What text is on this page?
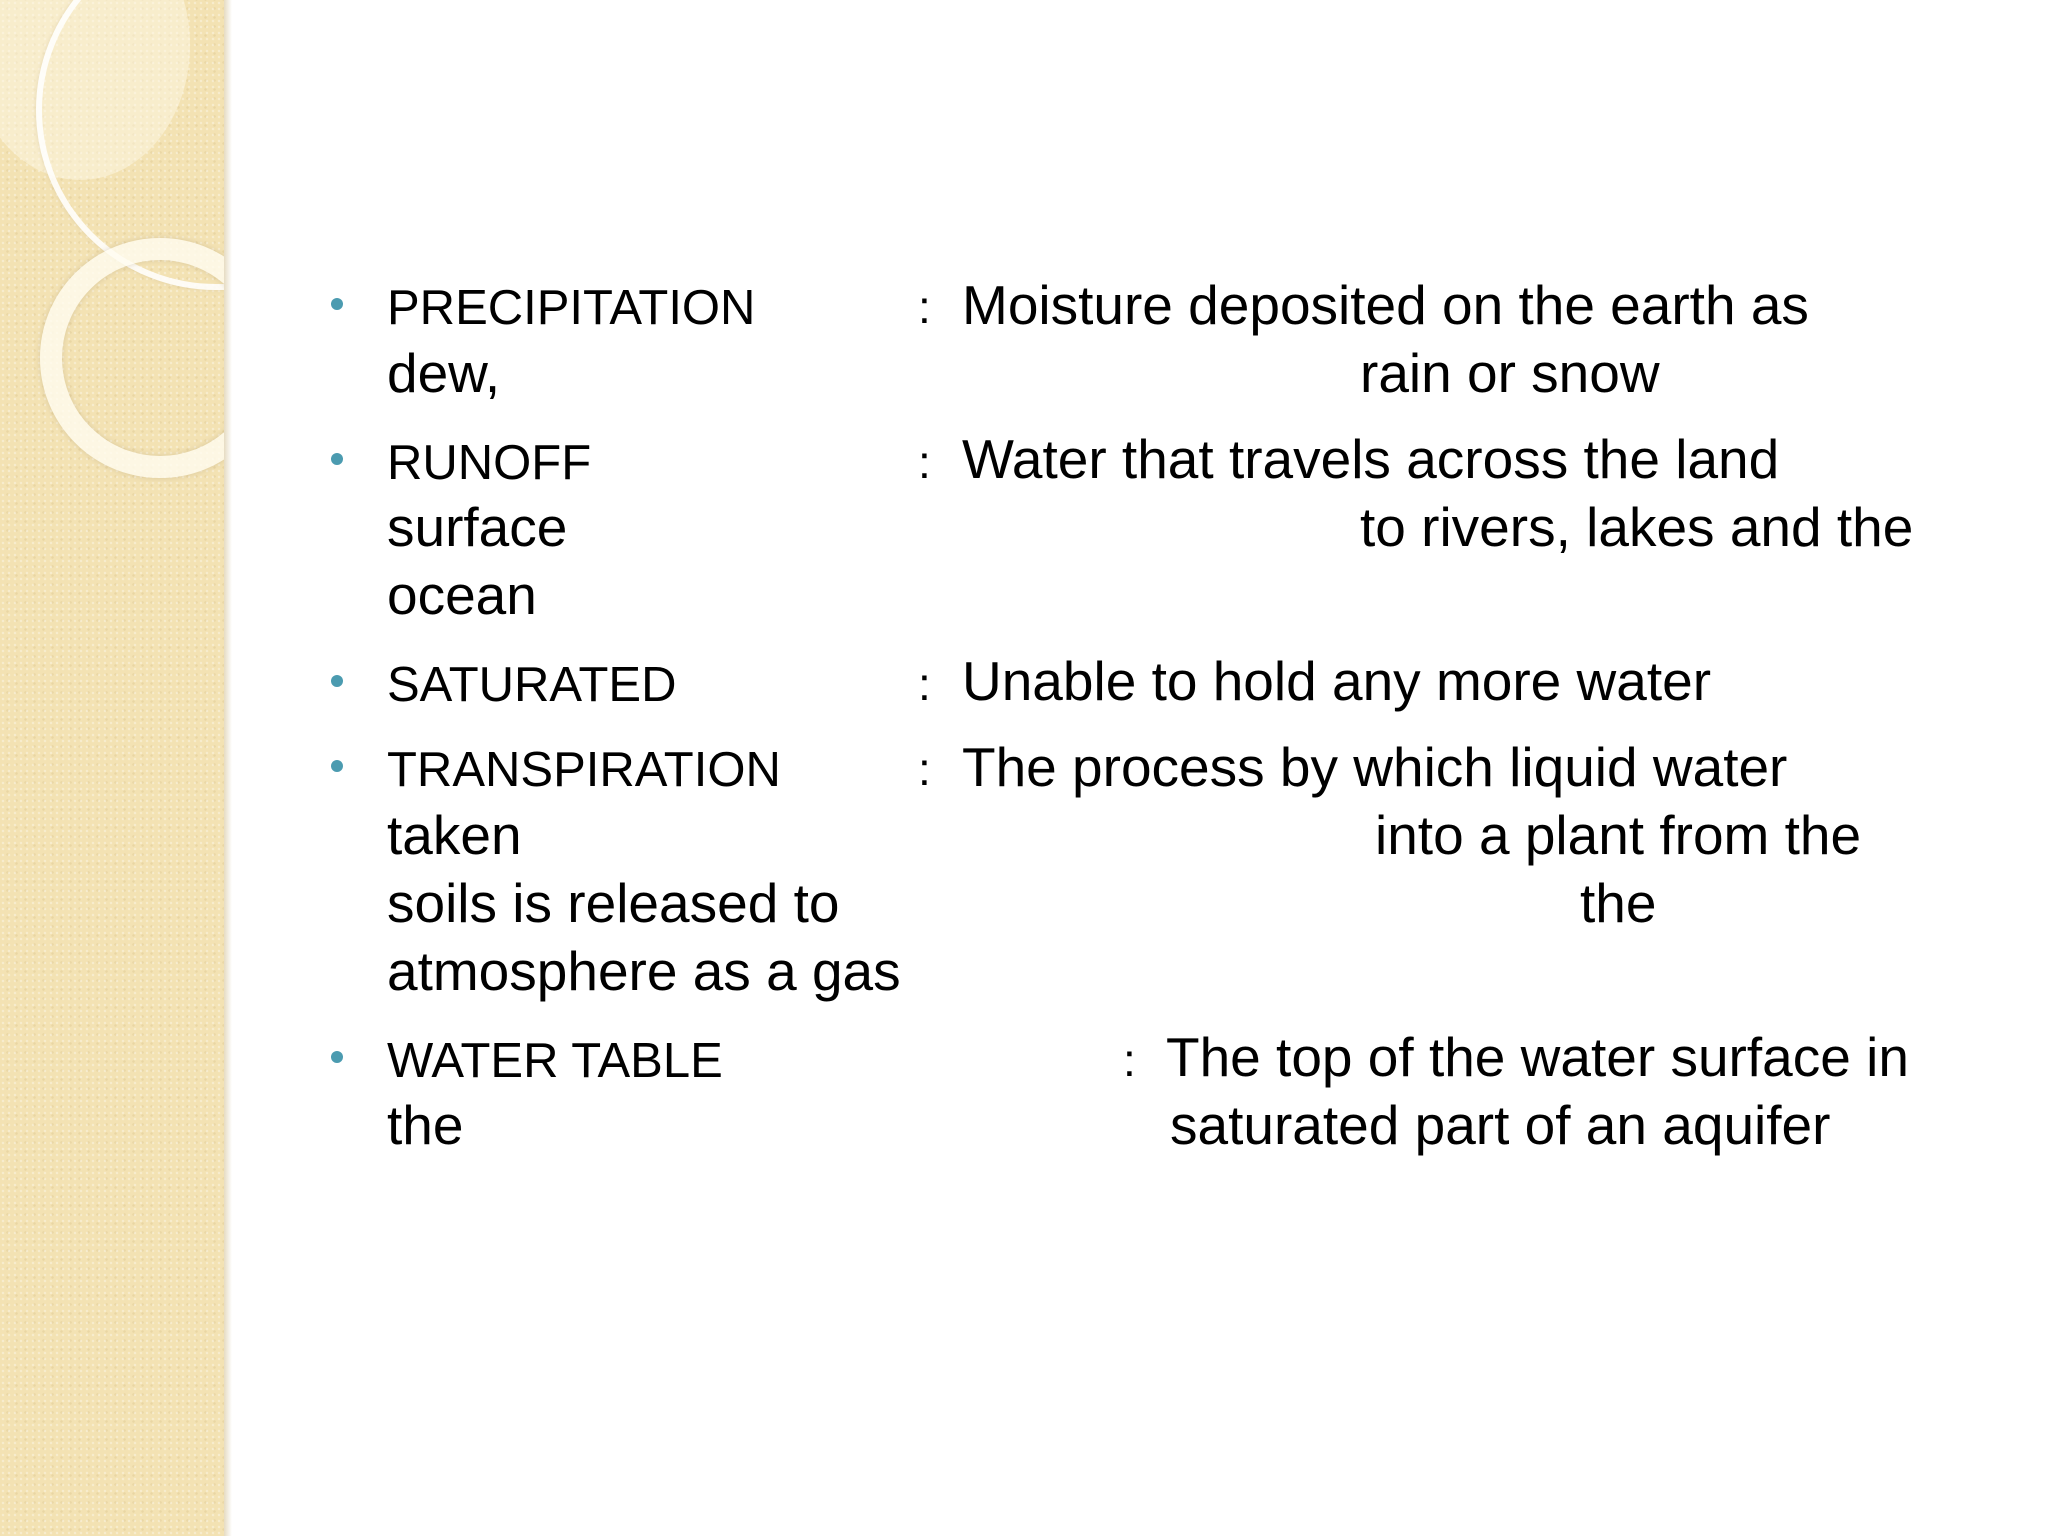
PRECIPITATION	: Moisture deposited on the earth as
dew,	rain or snow
RUNOFF	: Water that travels across the land
surface	to rivers, lakes and the
ocean
SATURATED	: Unable to hold any more water
TRANSPIRATION	: The process by which liquid water
taken	into a plant from the
soils is released to	the
atmosphere as a gas
WATER TABLE	: The top of the water surface in
the	saturated part of an aquifer
